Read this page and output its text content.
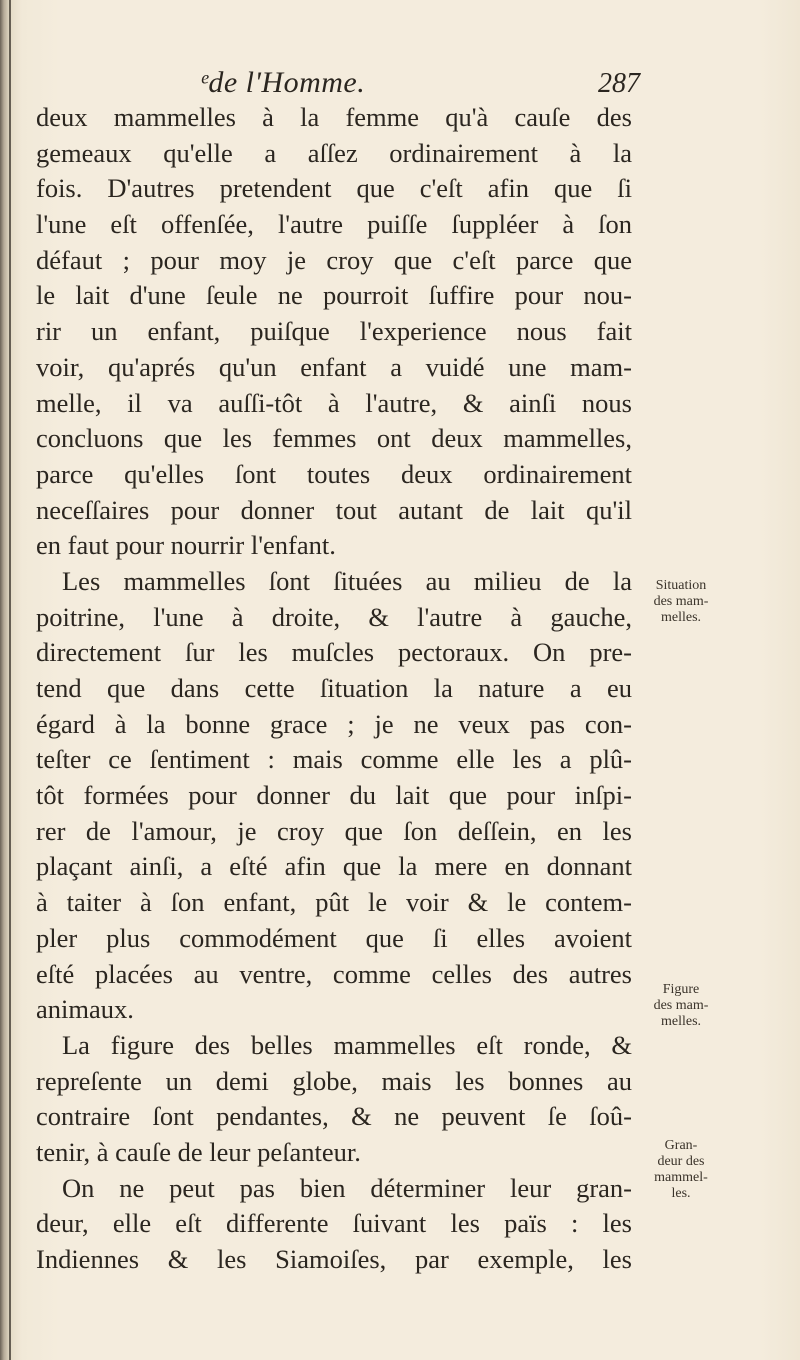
ᵉde l'Homme.	287
deux mammelles à la femme qu'à cauſe des
gemeaux qu'elle a aſſez ordinairement à la
fois. D'autres pretendent que c'eſt afin que ſi
l'une eſt offenſée, l'autre puiſſe ſuppléer à ſon
défaut ; pour moy je croy que c'eſt parce que
le lait d'une ſeule ne pourroit ſuffire pour nou-
rir un enfant, puiſque l'experience nous fait
voir, qu'aprés qu'un enfant a vuidé une mam-
melle, il va auſſi-tôt à l'autre, & ainſi nous
concluons que les femmes ont deux mammelles,
parce qu'elles ſont toutes deux ordinairement
neceſſaires pour donner tout autant de lait qu'il
en faut pour nourrir l'enfant.
Les mammelles ſont ſituées au milieu de la
poitrine, l'une à droite, & l'autre à gauche,
directement ſur les muſcles pectoraux. On pre-
tend que dans cette ſituation la nature a eu
égard à la bonne grace ; je ne veux pas con-
teſter ce ſentiment : mais comme elle les a plû-
tôt formées pour donner du lait que pour inſpi-
rer de l'amour, je croy que ſon deſſein, en les
plaçant ainſi, a eſté afin que la mere en donnant
à taiter à ſon enfant, pût le voir & le contem-
pler plus commodément que ſi elles avoient
eſté placées au ventre, comme celles des autres
animaux.
La figure des belles mammelles eſt ronde, &
repreſente un demi globe, mais les bonnes au
contraire ſont pendantes, & ne peuvent ſe ſoû-
tenir, à cauſe de leur peſanteur.
On ne peut pas bien déterminer leur gran-
deur, elle eſt differente ſuivant les païs : les
Indiennes & les Siamoiſes, par exemple, les
Situation
des mam-
melles.
Figure
des mam-
melles.
Gran-
deur des
mammel-
les.
